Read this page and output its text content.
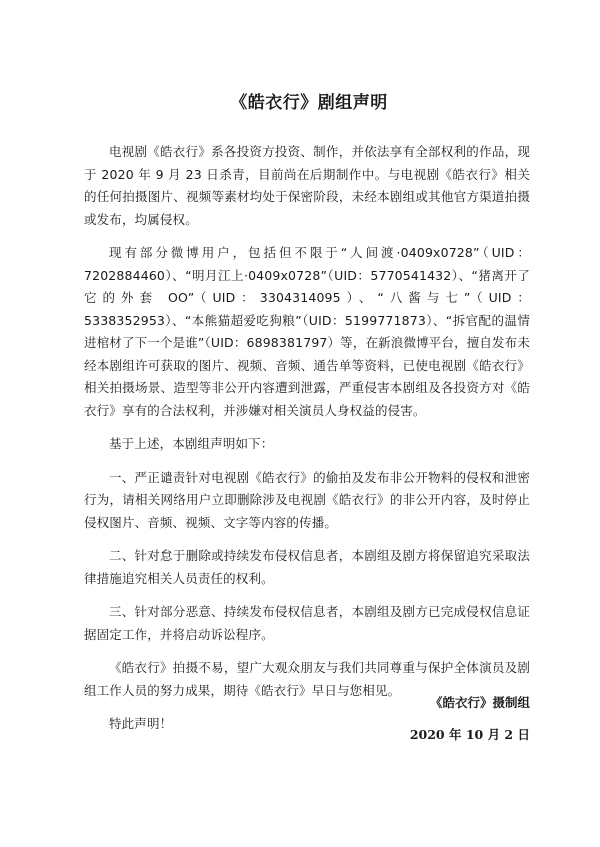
《皓衣行》剧组声明

电视剧《皓衣行》系各投资方投资、制作，并依法享有全部权利的作品，现于 2020 年 9 月 23 日杀青，目前尚在后期制作中。与电视剧《皓衣行》相关的任何拍摄图片、视频等素材均处于保密阶段，未经本剧组或其他官方渠道拍摄或发布，均属侵权。

现有部分微博用户，包括但不限于“人间渡·0409x0728”（UID：7202884460）、“明月江上·0409x0728”（UID：5770541432）、“猪离开了它的外套 OO”（UID：3304314095）、“八酱与七”（UID：5338352953）、“本熊猫超爱吃狗粮”（UID：5199771873）、“拆官配的温情进棺材了下一个是谁”（UID：6898381797）等，在新浪微博平台，擅自发布未经本剧组许可获取的图片、视频、音频、通告单等资料，已使电视剧《皓衣行》相关拍摄场景、造型等非公开内容遭到泄露，严重侵害本剧组及各投资方对《皓衣行》享有的合法权利，并涉嫌对相关演员人身权益的侵害。

基于上述，本剧组声明如下：

一、严正谴责针对电视剧《皓衣行》的偷拍及发布非公开物料的侵权和泄密行为，请相关网络用户立即删除涉及电视剧《皓衣行》的非公开内容，及时停止侵权图片、音频、视频、文字等内容的传播。

二、针对怠于删除或持续发布侵权信息者，本剧组及剧方将保留追究采取法律措施追究相关人员责任的权利。

三、针对部分恶意、持续发布侵权信息者，本剧组及剧方已完成侵权信息证据固定工作，并将启动诉讼程序。

《皓衣行》拍摄不易，望广大观众朋友与我们共同尊重与保护全体演员及剧组工作人员的努力成果，期待《皓衣行》早日与您相见。

特此声明！

《皓衣行》摄制组
2020 年 10 月 2 日
